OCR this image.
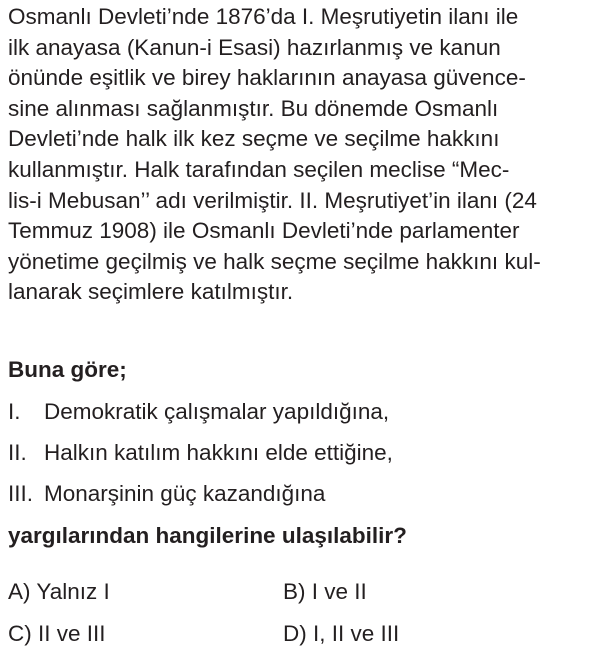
Osmanlı Devleti’nde 1876’da I. Meşrutiyetin ilanı ile
ilk anayasa (Kanun-i Esasi) hazırlanmış ve kanun
önünde eşitlik ve birey haklarının anayasa güvence-
sine alınması sağlanmıştır. Bu dönemde Osmanlı
Devleti’nde halk ilk kez seçme ve seçilme hakkını
kullanmıştır. Halk tarafından seçilen meclise “Mec-
lis-i Mebusan’’ adı verilmiştir. II. Meşrutiyet’in ilanı (24
Temmuz 1908) ile Osmanlı Devleti’nde parlamenter
yönetime geçilmiş ve halk seçme seçilme hakkını kul-
lanarak seçimlere katılmıştır.

Buna göre;

I.	Demokratik çalışmalar yapıldığına,
II. Halkın katılım hakkını elde ettiğine,
III. Monarşinin güç kazandığına

yargılarından hangilerine ulaşılabilir?

A) Yalnız I	B) I ve II
C) II ve III	D) I, II ve III
